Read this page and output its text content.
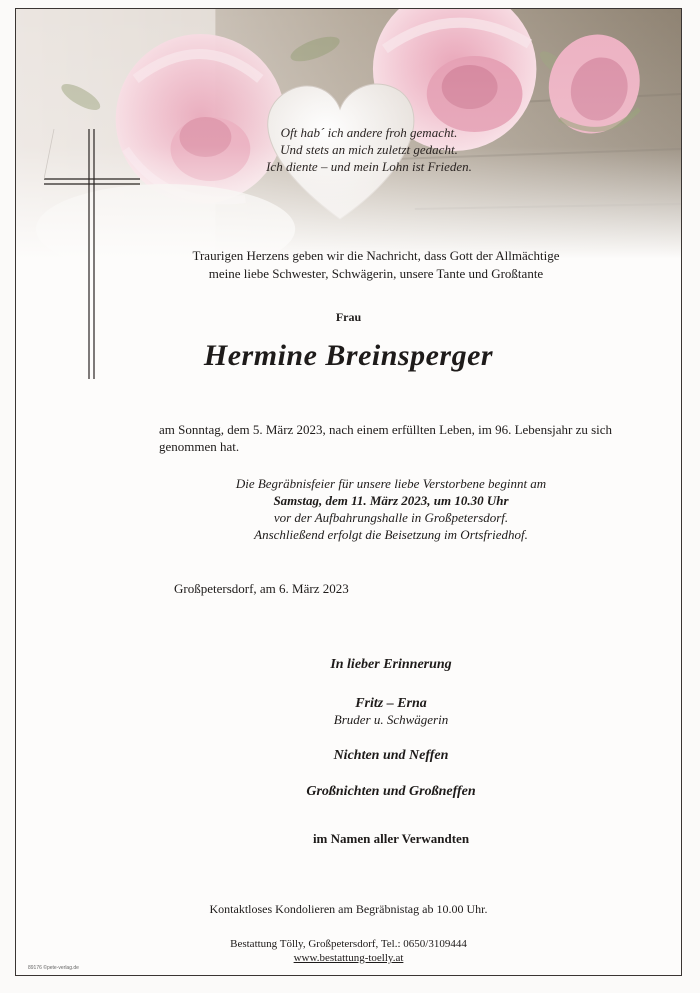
Oft hab´ ich andere froh gemacht.
Und stets an mich zuletzt gedacht.
Ich diente – und mein Lohn ist Frieden.
Traurigen Herzens geben wir die Nachricht, dass Gott der Allmächtige
meine liebe Schwester, Schwägerin, unsere Tante und Großtante
Frau
Hermine Breinsperger
am Sonntag, dem 5. März 2023, nach einem erfüllten Leben, im 96. Lebensjahr zu sich genommen hat.
Die Begräbnisfeier für unsere liebe Verstorbene beginnt am
Samstag, dem 11. März 2023, um 10.30 Uhr
vor der Aufbahrungshalle in Großpetersdorf.
Anschließend erfolgt die Beisetzung im Ortsfriedhof.
Großpetersdorf, am 6. März 2023
In lieber Erinnerung
Fritz – Erna
Bruder u. Schwägerin
Nichten und Neffen
Großnichten und Großneffen
im Namen aller Verwandten
Kontaktloses Kondolieren am Begräbnistag ab 10.00 Uhr.
Bestattung Tölly, Großpetersdorf, Tel.: 0650/3109444
www.bestattung-toelly.at
89176 ©pete-verlag.de
